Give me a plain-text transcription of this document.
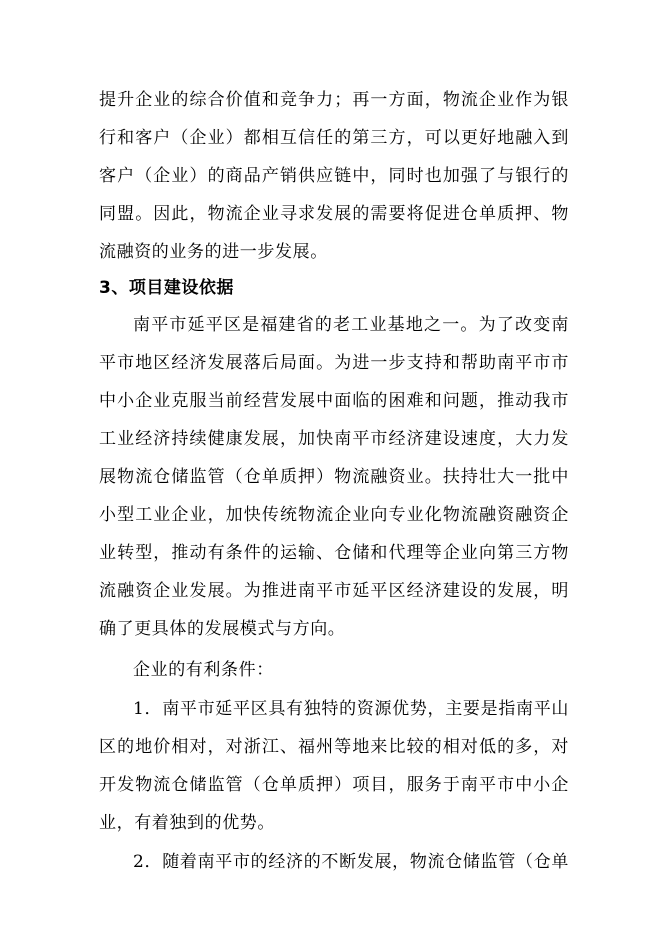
提升企业的综合价值和竞争力；再一方面，物流企业作为银
行和客户（企业）都相互信任的第三方，可以更好地融入到
客户（企业）的商品产销供应链中，同时也加强了与银行的
同盟。因此，物流企业寻求发展的需要将促进仓单质押、物
流融资的业务的进一步发展。
3、项目建设依据
南平市延平区是福建省的老工业基地之一。为了改变南
平市地区经济发展落后局面。为进一步支持和帮助南平市市
中小企业克服当前经营发展中面临的困难和问题，推动我市
工业经济持续健康发展，加快南平市经济建设速度，大力发
展物流仓储监管（仓单质押）物流融资业。扶持壮大一批中
小型工业企业，加快传统物流企业向专业化物流融资融资企
业转型，推动有条件的运输、仓储和代理等企业向第三方物
流融资企业发展。为推进南平市延平区经济建设的发展，明
确了更具体的发展模式与方向。
企业的有利条件：
1．南平市延平区具有独特的资源优势，主要是指南平山
区的地价相对，对浙江、福州等地来比较的相对低的多，对
开发物流仓储监管（仓单质押）项目，服务于南平市中小企
业，有着独到的优势。
2．随着南平市的经济的不断发展，物流仓储监管（仓单
